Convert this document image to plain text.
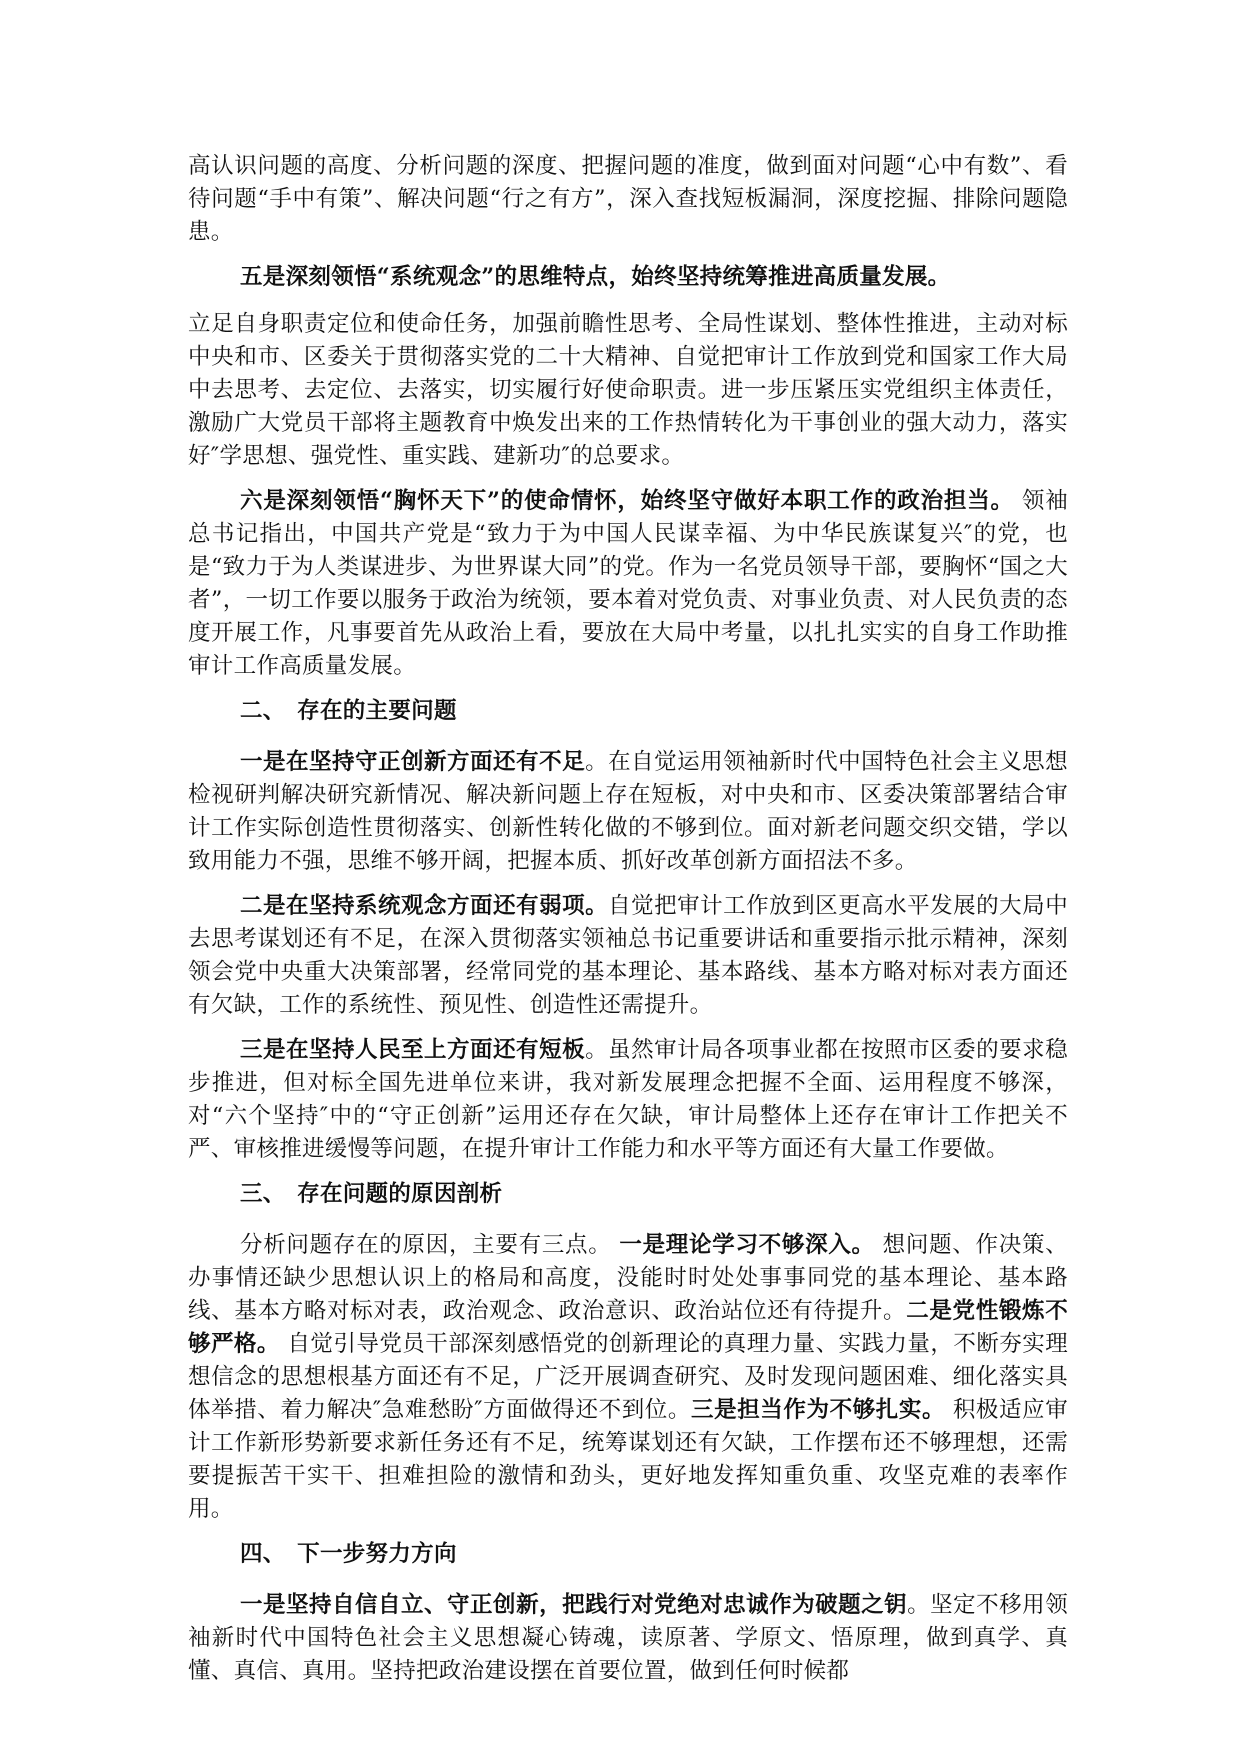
高认识问题的高度、分析问题的深度、把握问题的准度，做到面对问题“心中有数”、看待问题“手中有策”、解决问题“行之有方”，深入查找短板漏洞，深度挖掘、排除问题隐患。

五是深刻领悟“系统观念”的思维特点，始终坚持统筹推进高质量发展。

立足自身职责定位和使命任务，加强前瞻性思考、全局性谋划、整体性推进，主动对标中央和市、区委关于贯彻落实党的二十大精神、自觉把审计工作放到党和国家工作大局中去思考、去定位、去落实，切实履行好使命职责。进一步压紧压实党组织主体责任，激励广大党员干部将主题教育中焕发出来的工作热情转化为干事创业的强大动力，落实好″学思想、强党性、重实践、建新功″的总要求。

六是深刻领悟“胸怀天下”的使命情怀，始终坚守做好本职工作的政治担当。 领袖总书记指出，中国共产党是“致力于为中国人民谋幸福、为中华民族谋复兴″的党，也是“致力于为人类谋进步、为世界谋大同”的党。作为一名党员领导干部，要胸怀“国之大者”，一切工作要以服务于政治为统领，要本着对党负责、对事业负责、对人民负责的态度开展工作，凡事要首先从政治上看，要放在大局中考量，以扎扎实实的自身工作助推审计工作高质量发展。

二、　存在的主要问题

一是在坚持守正创新方面还有不足。在自觉运用领袖新时代中国特色社会主义思想检视研判解决研究新情况、解决新问题上存在短板，对中央和市、区委决策部署结合审计工作实际创造性贯彻落实、创新性转化做的不够到位。面对新老问题交织交错，学以致用能力不强，思维不够开阔，把握本质、抓好改革创新方面招法不多。

二是在坚持系统观念方面还有弱项。自觉把审计工作放到区更高水平发展的大局中去思考谋划还有不足，在深入贯彻落实领袖总书记重要讲话和重要指示批示精神，深刻领会党中央重大决策部署，经常同党的基本理论、基本路线、基本方略对标对表方面还有欠缺，工作的系统性、预见性、创造性还需提升。

三是在坚持人民至上方面还有短板。虽然审计局各项事业都在按照市区委的要求稳步推进，但对标全国先进单位来讲，我对新发展理念把握不全面、运用程度不够深，对“六个坚持″中的“守正创新”运用还存在欠缺，审计局整体上还存在审计工作把关不严、审核推进缓慢等问题，在提升审计工作能力和水平等方面还有大量工作要做。

三、　存在问题的原因剖析

分析问题存在的原因，主要有三点。 一是理论学习不够深入。 想问题、作决策、办事情还缺少思想认识上的格局和高度，没能时时处处事事同党的基本理论、基本路线、基本方略对标对表，政治观念、政治意识、政治站位还有待提升。二是党性锻炼不够严格。 自觉引导党员干部深刻感悟党的创新理论的真理力量、实践力量，不断夯实理想信念的思想根基方面还有不足，广泛开展调查研究、及时发现问题困难、细化落实具体举措、着力解决″急难愁盼″方面做得还不到位。三是担当作为不够扎实。 积极适应审计工作新形势新要求新任务还有不足，统筹谋划还有欠缺，工作摆布还不够理想，还需要提振苦干实干、担难担险的激情和劲头，更好地发挥知重负重、攻坚克难的表率作用。

四、　下一步努力方向

一是坚持自信自立、守正创新，把践行对党绝对忠诚作为破题之钥。坚定不移用领袖新时代中国特色社会主义思想凝心铸魂，读原著、学原文、悟原理，做到真学、真懂、真信、真用。坚持把政治建设摆在首要位置，做到任何时候都
